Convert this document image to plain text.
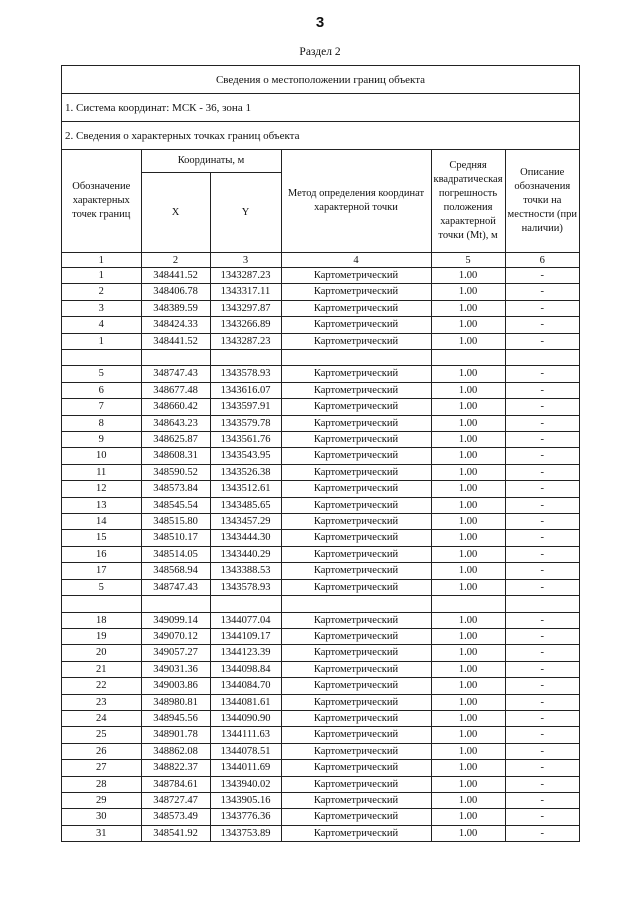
3
Раздел 2
Сведения о местоположении границ объекта
1. Система координат: МСК - 36, зона 1
2. Сведения о характерных точках границ объекта
Обозначение характерных точек границ	Координаты, м		Метод определения координат характерной точки	Средняя квадратическая погрешность положения характерной точки (Mt), м	Описание обозначения точки на местности (при наличии)
	X	Y			
1	2	3	4	5	6
1	348441.52	1343287.23	Картометрический	1.00	-
2	348406.78	1343317.11	Картометрический	1.00	-
3	348389.59	1343297.87	Картометрический	1.00	-
4	348424.33	1343266.89	Картометрический	1.00	-
1	348441.52	1343287.23	Картометрический	1.00	-

5	348747.43	1343578.93	Картометрический	1.00	-
6	348677.48	1343616.07	Картометрический	1.00	-
7	348660.42	1343597.91	Картометрический	1.00	-
8	348643.23	1343579.78	Картометрический	1.00	-
9	348625.87	1343561.76	Картометрический	1.00	-
10	348608.31	1343543.95	Картометрический	1.00	-
11	348590.52	1343526.38	Картометрический	1.00	-
12	348573.84	1343512.61	Картометрический	1.00	-
13	348545.54	1343485.65	Картометрический	1.00	-
14	348515.80	1343457.29	Картометрический	1.00	-
15	348510.17	1343444.30	Картометрический	1.00	-
16	348514.05	1343440.29	Картометрический	1.00	-
17	348568.94	1343388.53	Картометрический	1.00	-
5	348747.43	1343578.93	Картометрический	1.00	-

18	349099.14	1344077.04	Картометрический	1.00	-
19	349070.12	1344109.17	Картометрический	1.00	-
20	349057.27	1344123.39	Картометрический	1.00	-
21	349031.36	1344098.84	Картометрический	1.00	-
22	349003.86	1344084.70	Картометрический	1.00	-
23	348980.81	1344081.61	Картометрический	1.00	-
24	348945.56	1344090.90	Картометрический	1.00	-
25	348901.78	1344111.63	Картометрический	1.00	-
26	348862.08	1344078.51	Картометрический	1.00	-
27	348822.37	1344011.69	Картометрический	1.00	-
28	348784.61	1343940.02	Картометрический	1.00	-
29	348727.47	1343905.16	Картометрический	1.00	-
30	348573.49	1343776.36	Картометрический	1.00	-
31	348541.92	1343753.89	Картометрический	1.00	-
